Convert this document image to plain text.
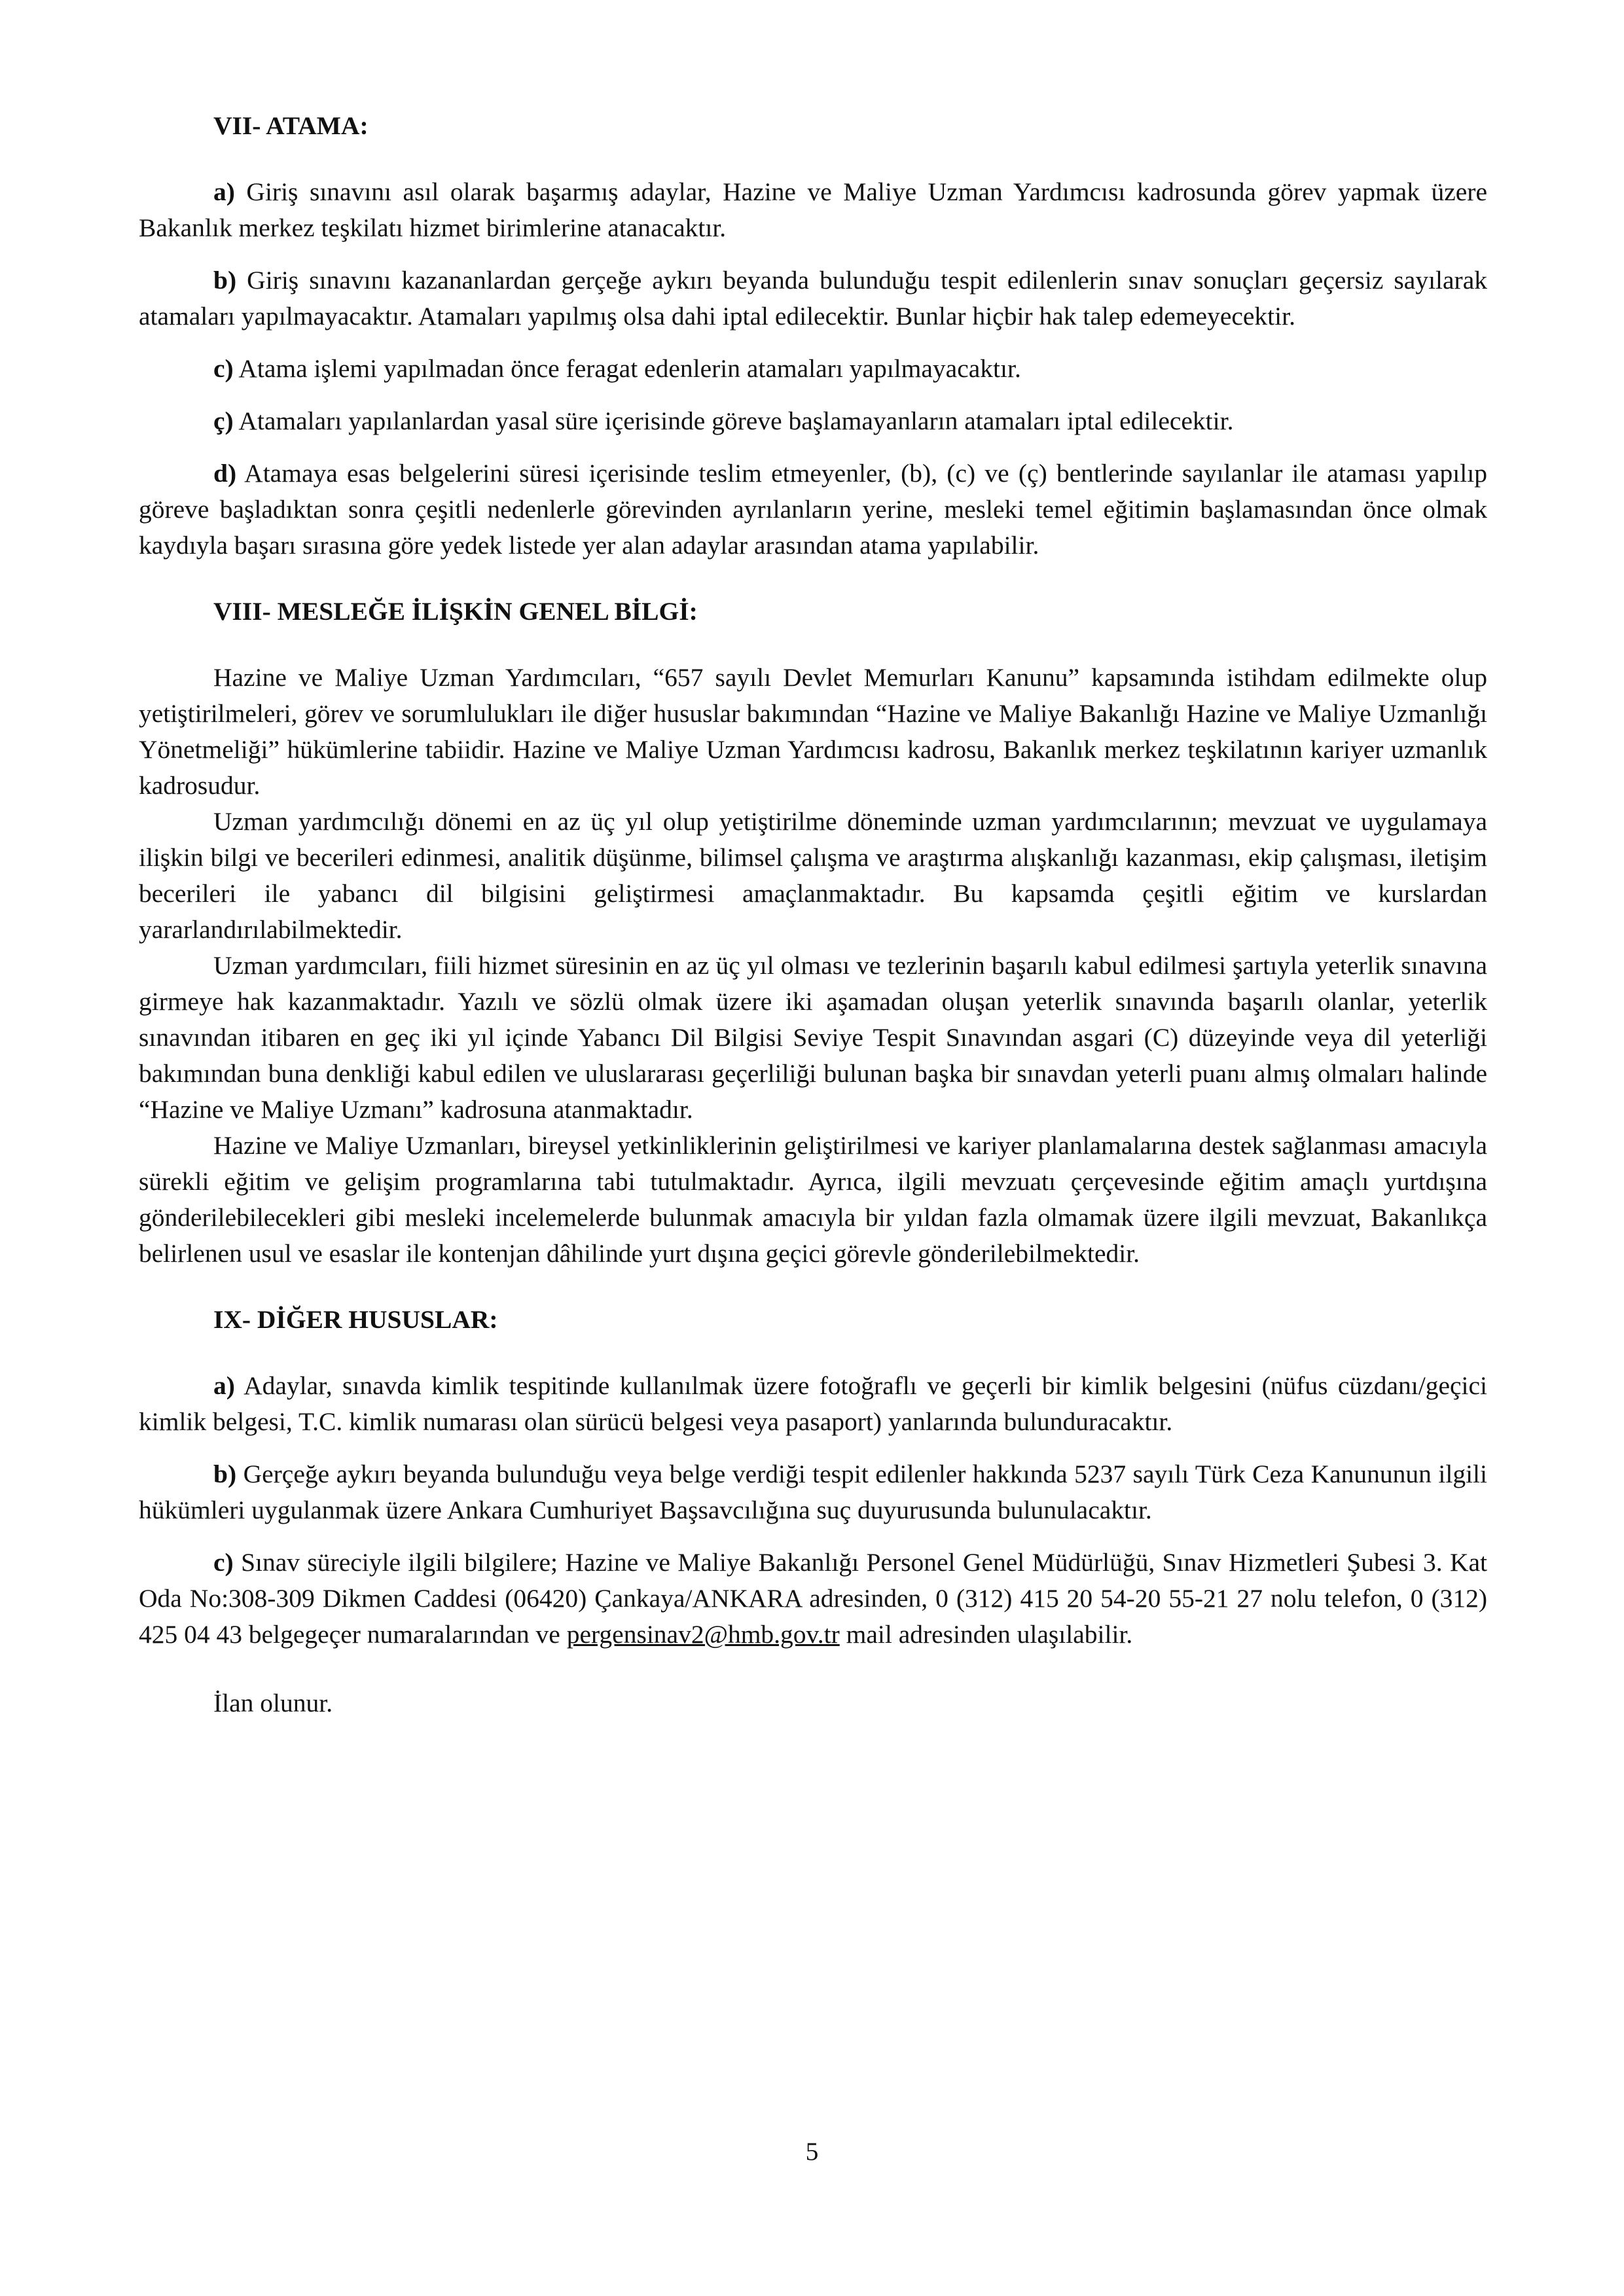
VII- ATAMA:

a) Giriş sınavını asıl olarak başarmış adaylar, Hazine ve Maliye Uzman Yardımcısı kadrosunda görev yapmak üzere Bakanlık merkez teşkilatı hizmet birimlerine atanacaktır.

b) Giriş sınavını kazananlardan gerçeğe aykırı beyanda bulunduğu tespit edilenlerin sınav sonuçları geçersiz sayılarak atamaları yapılmayacaktır. Atamaları yapılmış olsa dahi iptal edilecektir. Bunlar hiçbir hak talep edemeyecektir.

c) Atama işlemi yapılmadan önce feragat edenlerin atamaları yapılmayacaktır.

ç) Atamaları yapılanlardan yasal süre içerisinde göreve başlamayanların atamaları iptal edilecektir.

d) Atamaya esas belgelerini süresi içerisinde teslim etmeyenler, (b), (c) ve (ç) bentlerinde sayılanlar ile ataması yapılıp göreve başladıktan sonra çeşitli nedenlerle görevinden ayrılanların yerine, mesleki temel eğitimin başlamasından önce olmak kaydıyla başarı sırasına göre yedek listede yer alan adaylar arasından atama yapılabilir.

VIII- MESLEĞE İLİŞKİN GENEL BİLGİ:

Hazine ve Maliye Uzman Yardımcıları, “657 sayılı Devlet Memurları Kanunu” kapsamında istihdam edilmekte olup yetiştirilmeleri, görev ve sorumlulukları ile diğer hususlar bakımından “Hazine ve Maliye Bakanlığı Hazine ve Maliye Uzmanlığı Yönetmeliği” hükümlerine tabiidir. Hazine ve Maliye Uzman Yardımcısı kadrosu, Bakanlık merkez teşkilatının kariyer uzmanlık kadrosudur.

Uzman yardımcılığı dönemi en az üç yıl olup yetiştirilme döneminde uzman yardımcılarının; mevzuat ve uygulamaya ilişkin bilgi ve becerileri edinmesi, analitik düşünme, bilimsel çalışma ve araştırma alışkanlığı kazanması, ekip çalışması, iletişim becerileri ile yabancı dil bilgisini geliştirmesi amaçlanmaktadır. Bu kapsamda çeşitli eğitim ve kurslardan yararlandırılabilmektedir.

Uzman yardımcıları, fiili hizmet süresinin en az üç yıl olması ve tezlerinin başarılı kabul edilmesi şartıyla yeterlik sınavına girmeye hak kazanmaktadır. Yazılı ve sözlü olmak üzere iki aşamadan oluşan yeterlik sınavında başarılı olanlar, yeterlik sınavından itibaren en geç iki yıl içinde Yabancı Dil Bilgisi Seviye Tespit Sınavından asgari (C) düzeyinde veya dil yeterliği bakımından buna denkliği kabul edilen ve uluslararası geçerliliği bulunan başka bir sınavdan yeterli puanı almış olmaları halinde “Hazine ve Maliye Uzmanı” kadrosuna atanmaktadır.

Hazine ve Maliye Uzmanları, bireysel yetkinliklerinin geliştirilmesi ve kariyer planlamalarına destek sağlanması amacıyla sürekli eğitim ve gelişim programlarına tabi tutulmaktadır. Ayrıca, ilgili mevzuatı çerçevesinde eğitim amaçlı yurtdışına gönderilebilecekleri gibi mesleki incelemelerde bulunmak amacıyla bir yıldan fazla olmamak üzere ilgili mevzuat, Bakanlıkça belirlenen usul ve esaslar ile kontenjan dâhilinde yurt dışına geçici görevle gönderilebilmektedir.

IX- DİĞER HUSUSLAR:

a) Adaylar, sınavda kimlik tespitinde kullanılmak üzere fotoğraflı ve geçerli bir kimlik belgesini (nüfus cüzdanı/geçici kimlik belgesi, T.C. kimlik numarası olan sürücü belgesi veya pasaport) yanlarında bulunduracaktır.

b) Gerçeğe aykırı beyanda bulunduğu veya belge verdiği tespit edilenler hakkında 5237 sayılı Türk Ceza Kanununun ilgili hükümleri uygulanmak üzere Ankara Cumhuriyet Başsavcılığına suç duyurusunda bulunulacaktır.

c) Sınav süreciyle ilgili bilgilere; Hazine ve Maliye Bakanlığı Personel Genel Müdürlüğü, Sınav Hizmetleri Şubesi 3. Kat Oda No:308-309 Dikmen Caddesi (06420) Çankaya/ANKARA adresinden, 0 (312) 415 20 54-20 55-21 27 nolu telefon, 0 (312) 425 04 43 belgegeçer numaralarından ve pergensinav2@hmb.gov.tr mail adresinden ulaşılabilir.

İlan olunur.
5
